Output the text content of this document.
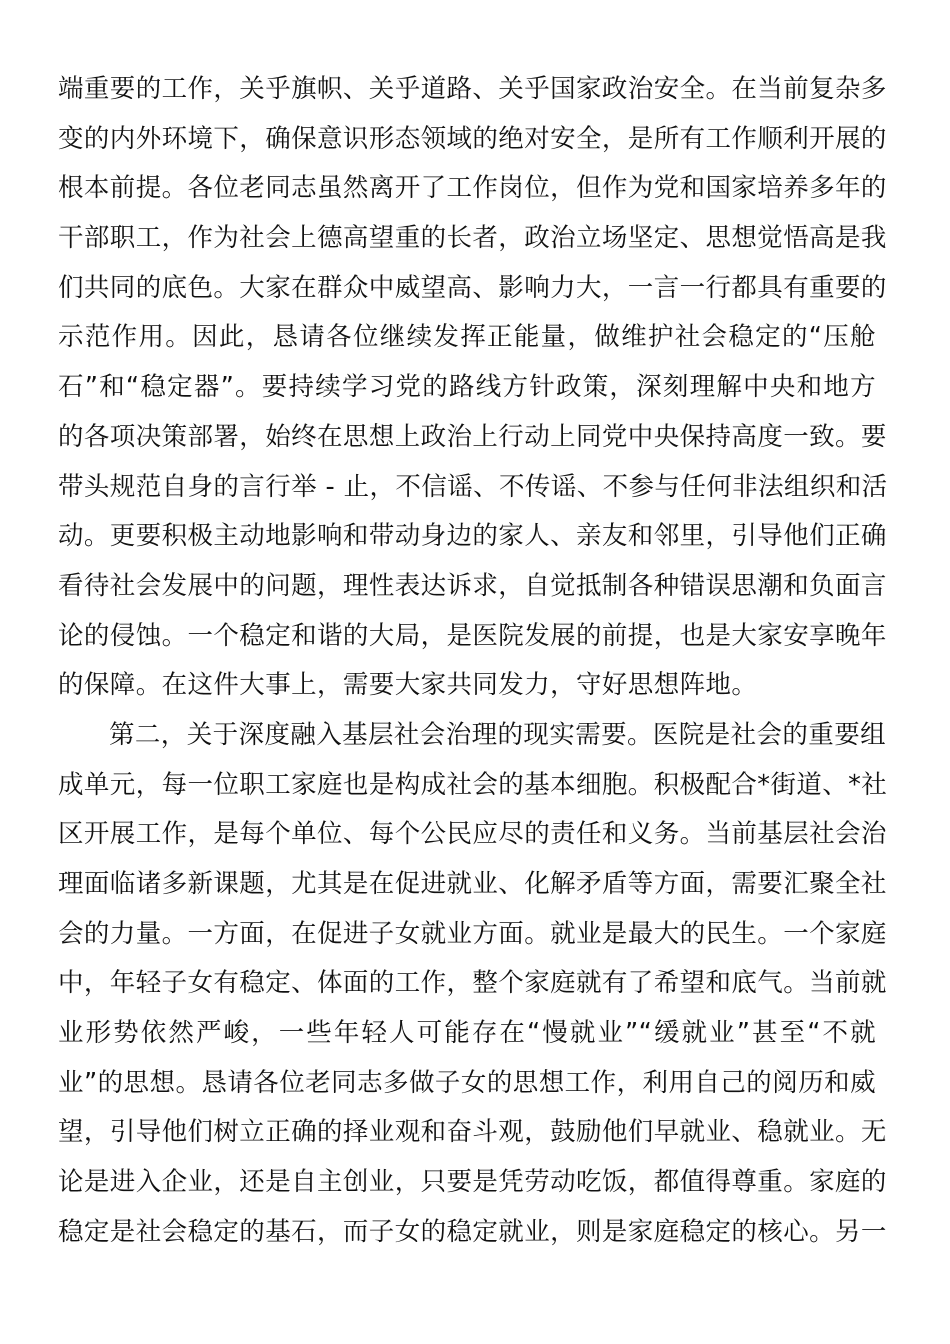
端重要的工作，关乎旗帜、关乎道路、关乎国家政治安全。在当前复杂多
变的内外环境下，确保意识形态领域的绝对安全，是所有工作顺利开展的
根本前提。各位老同志虽然离开了工作岗位，但作为党和国家培养多年的
干部职工，作为社会上德高望重的长者，政治立场坚定、思想觉悟高是我
们共同的底色。大家在群众中威望高、影响力大，一言一行都具有重要的
示范作用。因此，恳请各位继续发挥正能量，做维护社会稳定的“压舱
石”和“稳定器”。要持续学习党的路线方针政策，深刻理解中央和地方
的各项决策部署，始终在思想上政治上行动上同党中央保持高度一致。要
带头规范自身的言行举 - 止，不信谣、不传谣、不参与任何非法组织和活
动。更要积极主动地影响和带动身边的家人、亲友和邻里，引导他们正确
看待社会发展中的问题，理性表达诉求，自觉抵制各种错误思潮和负面言
论的侵蚀。一个稳定和谐的大局，是医院发展的前提，也是大家安享晚年
的保障。在这件大事上，需要大家共同发力，守好思想阵地。
第二，关于深度融入基层社会治理的现实需要。医院是社会的重要组
成单元，每一位职工家庭也是构成社会的基本细胞。积极配合*街道、*社
区开展工作，是每个单位、每个公民应尽的责任和义务。当前基层社会治
理面临诸多新课题，尤其是在促进就业、化解矛盾等方面，需要汇聚全社
会的力量。一方面，在促进子女就业方面。就业是最大的民生。一个家庭
中，年轻子女有稳定、体面的工作，整个家庭就有了希望和底气。当前就
业形势依然严峻，一些年轻人可能存在“慢就业”“缓就业”甚至“不就
业”的思想。恳请各位老同志多做子女的思想工作，利用自己的阅历和威
望，引导他们树立正确的择业观和奋斗观，鼓励他们早就业、稳就业。无
论是进入企业，还是自主创业，只要是凭劳动吃饭，都值得尊重。家庭的
稳定是社会稳定的基石，而子女的稳定就业，则是家庭稳定的核心。另一
